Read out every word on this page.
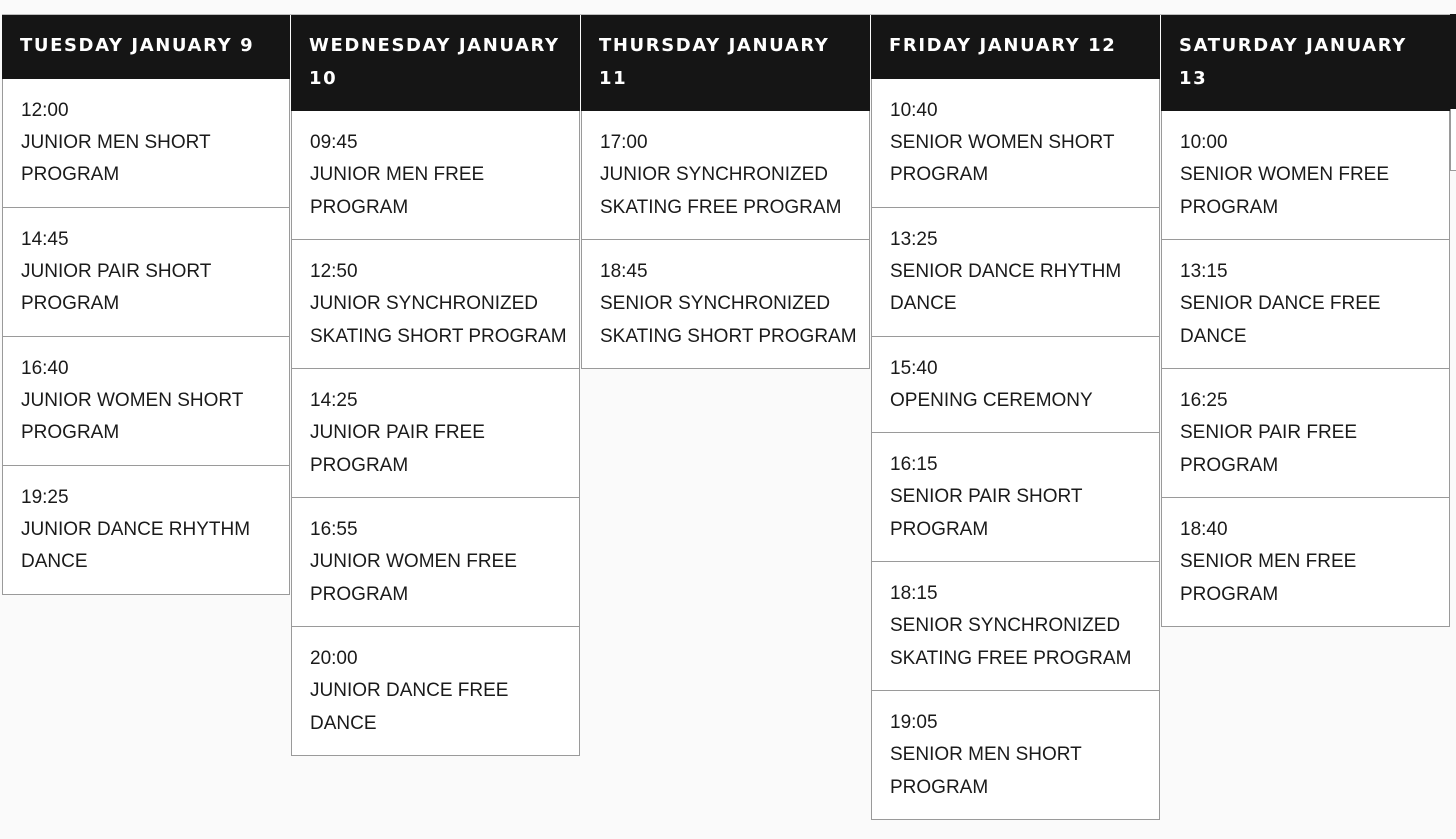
TUESDAY JANUARY 9
12:00
JUNIOR MEN SHORT PROGRAM
14:45
JUNIOR PAIR SHORT PROGRAM
16:40
JUNIOR WOMEN SHORT PROGRAM
19:25
JUNIOR DANCE RHYTHM DANCE
WEDNESDAY JANUARY 10
09:45
JUNIOR MEN FREE PROGRAM
12:50
JUNIOR SYNCHRONIZED SKATING SHORT PROGRAM
14:25
JUNIOR PAIR FREE PROGRAM
16:55
JUNIOR WOMEN FREE PROGRAM
20:00
JUNIOR DANCE FREE DANCE
THURSDAY JANUARY 11
17:00
JUNIOR SYNCHRONIZED SKATING FREE PROGRAM
18:45
SENIOR SYNCHRONIZED SKATING SHORT PROGRAM
FRIDAY JANUARY 12
10:40
SENIOR WOMEN SHORT PROGRAM
13:25
SENIOR DANCE RHYTHM DANCE
15:40
OPENING CEREMONY
16:15
SENIOR PAIR SHORT PROGRAM
18:15
SENIOR SYNCHRONIZED SKATING FREE PROGRAM
19:05
SENIOR MEN SHORT PROGRAM
SATURDAY JANUARY 13
10:00
SENIOR WOMEN FREE PROGRAM
13:15
SENIOR DANCE FREE DANCE
16:25
SENIOR PAIR FREE PROGRAM
18:40
SENIOR MEN FREE PROGRAM
